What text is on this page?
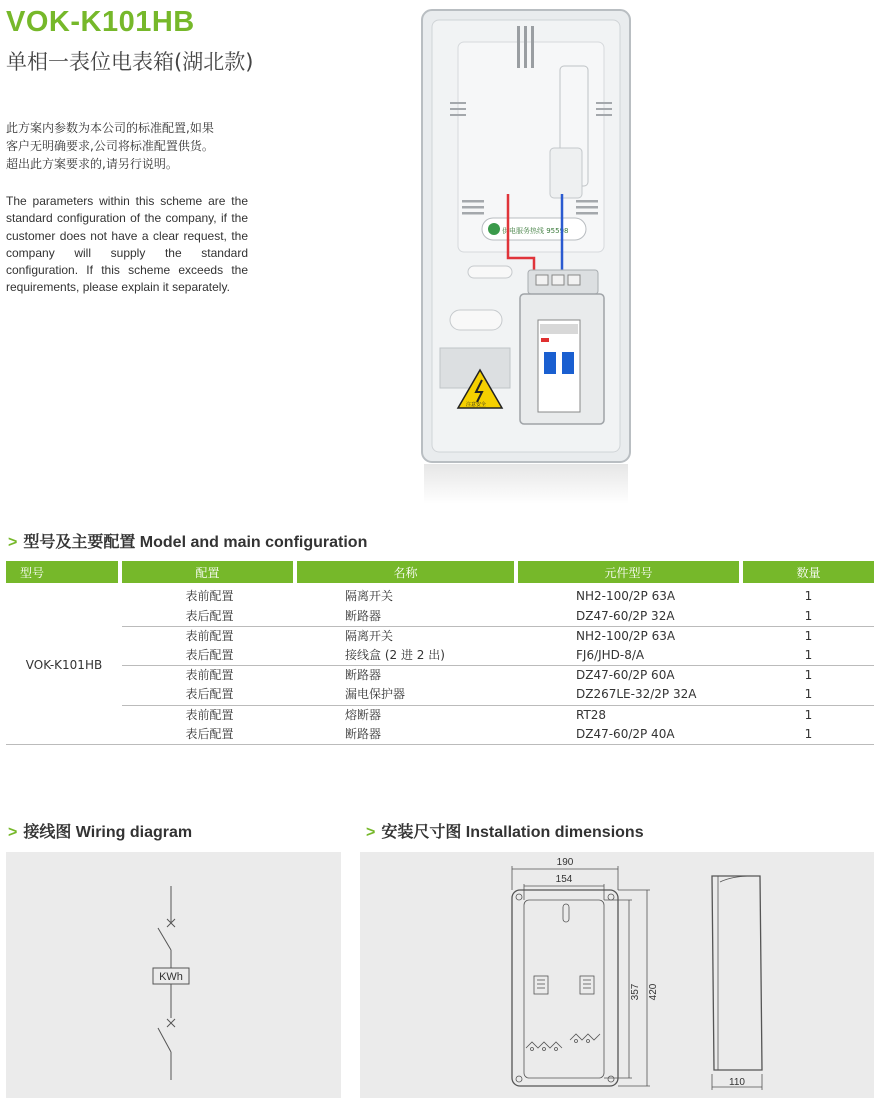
VOK-K101HB
单相一表位电表箱(湖北款)
此方案内参数为本公司的标准配置,如果
客户无明确要求,公司将标准配置供货。
超出此方案要求的,请另行说明。
The parameters within this scheme are the standard configuration of the company, if the customer does not have a clear request, the company will supply the standard configuration. If this scheme exceeds the requirements, please explain it separately.
供电服务热线 95598
注意安全
> 型号及主要配置 Model and main configuration
型号	配置	名称	元件型号	数量

VOK-K101HB	表前配置	隔离开关	NH2-100/2P 63A	1
	表后配置	断路器	DZ47-60/2P 32A	1
	表前配置	隔离开关	NH2-100/2P 63A	1
	表后配置	接线盒 (2 进 2 出)	FJ6/JHD-8/A	1
	表前配置	断路器	DZ47-60/2P 60A	1
	表后配置	漏电保护器	DZ267LE-32/2P 32A	1
	表前配置	熔断器	RT28	1
	表后配置	断路器	DZ47-60/2P 40A	1
> 接线图 Wiring diagram
KWh
> 安装尺寸图 Installation dimensions
190
154
357 420
110
